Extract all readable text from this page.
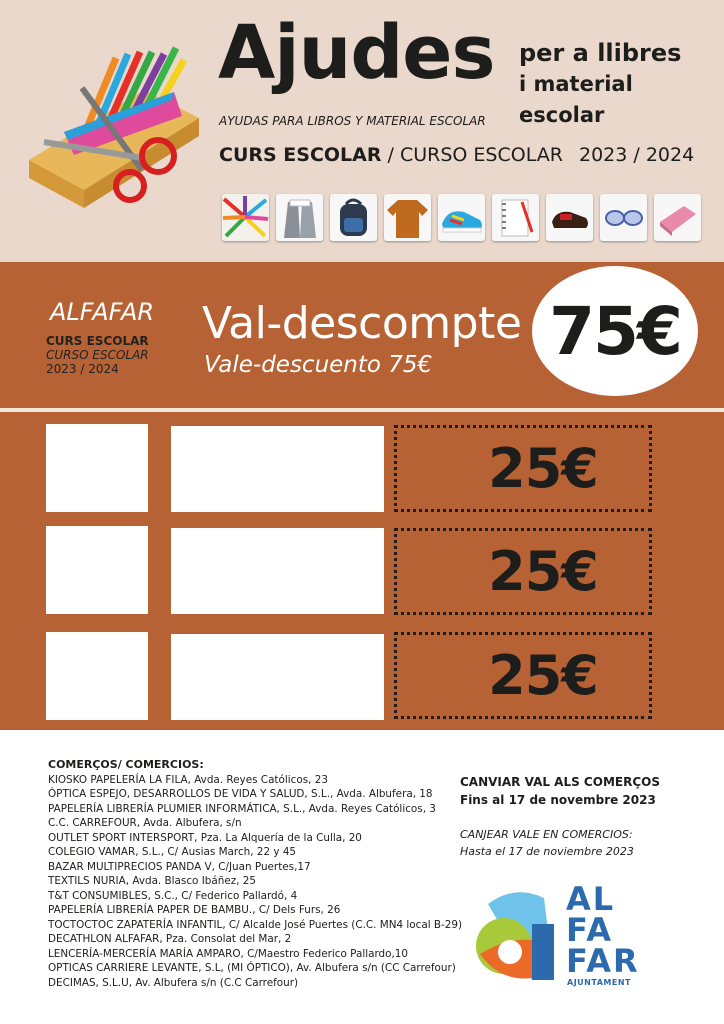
Ajudes per a llibres
i material escolar
AYUDAS PARA LIBROS Y MATERIAL ESCOLAR
CURS ESCOLAR / CURSO ESCOLAR 2023 / 2024
ALFAFAR
CURS ESCOLAR
CURSO ESCOLAR
2023 / 2024
Val-descompte
Vale-descuento 75€ 75€
25€
25€
25€
COMERÇOS/ COMERCIOS:
KIOSKO PAPELERÍA LA FILA, Avda. Reyes Católicos, 23
ÓPTICA ESPEJO, DESARROLLOS DE VIDA Y SALUD, S.L., Avda. Albufera, 18
PAPELERÍA LIBRERÍA PLUMIER INFORMÁTICA, S.L., Avda. Reyes Católicos, 3
C.C. CARREFOUR, Avda. Albufera, s/n
OUTLET SPORT INTERSPORT, Pza. La Alquería de la Culla, 20
COLEGIO VAMAR, S.L., C/ Ausias March, 22 y 45
BAZAR MULTIPRECIOS PANDA V, C/Juan Puertes,17
TEXTILS NURIA, Avda. Blasco Ibáñez, 25
T&T CONSUMIBLES, S.C., C/ Federico Pallardó, 4
PAPELERÍA LIBRERÍA PAPER DE BAMBU., C/ Dels Furs, 26
TOCTOCTOC ZAPATERÍA INFANTIL, C/ Alcalde José Puertes (C.C. MN4 local B-29)
DECATHLON ALFAFAR, Pza. Consolat del Mar, 2
LENCERÍA-MERCERÍA MARÍA AMPARO, C/Maestro Federico Pallardo,10
OPTICAS CARRIERE LEVANTE, S.L, (MI ÓPTICO), Av. Albufera s/n (CC Carrefour)
DECIMAS, S.L.U, Av. Albufera s/n (C.C Carrefour)
CANVIAR VAL ALS COMERÇOS
Fins al 17 de novembre 2023
CANJEAR VALE EN COMERCIOS:
Hasta el 17 de noviembre 2023
AL
FA
FAR
AJUNTAMENT
